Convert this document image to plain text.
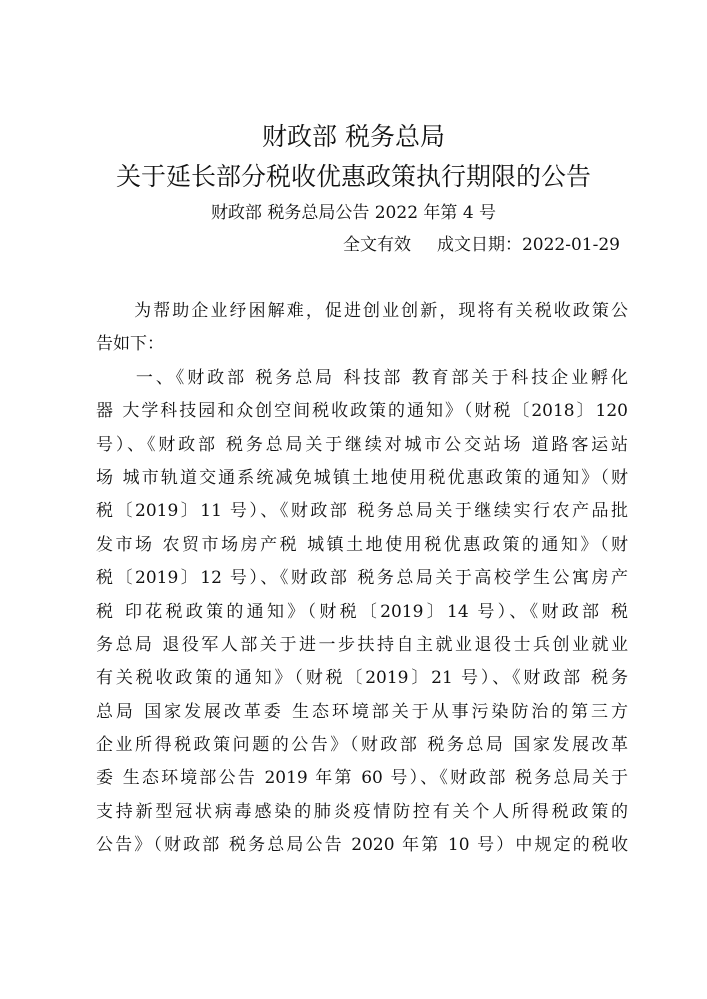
财政部 税务总局
关于延长部分税收优惠政策执行期限的公告
财政部 税务总局公告 2022 年第 4 号
全文有效 成文日期：2022-01-29
　　为帮助企业纾困解难，促进创业创新，现将有关税收政策公
告如下：
　　一、《财政部 税务总局 科技部 教育部关于科技企业孵化
器 大学科技园和众创空间税收政策的通知》（财税〔2018〕120
号）、《财政部 税务总局关于继续对城市公交站场 道路客运站
场 城市轨道交通系统减免城镇土地使用税优惠政策的通知》（财
税〔2019〕11 号）、《财政部 税务总局关于继续实行农产品批
发市场 农贸市场房产税 城镇土地使用税优惠政策的通知》（财
税〔2019〕12 号）、《财政部 税务总局关于高校学生公寓房产
税 印花税政策的通知》（财税〔2019〕14 号）、《财政部 税
务总局 退役军人部关于进一步扶持自主就业退役士兵创业就业
有关税收政策的通知》（财税〔2019〕21 号）、《财政部 税务
总局 国家发展改革委 生态环境部关于从事污染防治的第三方
企业所得税政策问题的公告》（财政部 税务总局 国家发展改革
委 生态环境部公告 2019 年第 60 号）、《财政部 税务总局关于
支持新型冠状病毒感染的肺炎疫情防控有关个人所得税政策的
公告》（财政部 税务总局公告 2020 年第 10 号）中规定的税收
